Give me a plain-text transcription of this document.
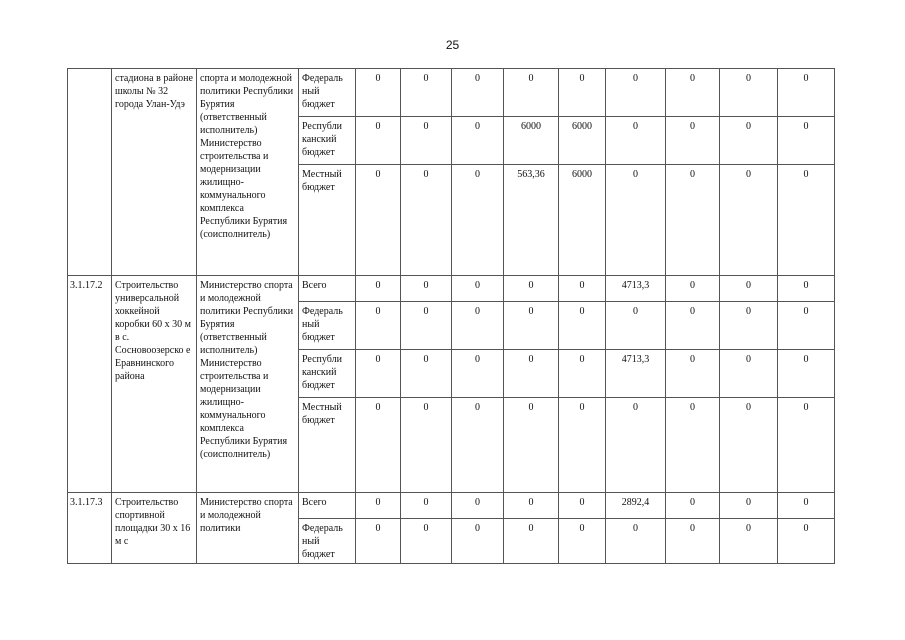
25
	стадиона в районе школы № 32 города Улан-Удэ	спорта и молодежной политики Республики Бурятия (ответственный исполнитель) Министерство строительства и модернизации жилищно-коммунального комплекса Республики Бурятия (соисполнитель)	Федераль ный бюджет	0	0	0	0	0	0	0	0	0
			Республи канский бюджет	0	0	0	6000	6000	0	0	0	0
			Местный бюджет	0	0	0	563,36	6000	0	0	0	0
3.1.17.2	Строительство универсальной хоккейной коробки 60 х 30 м в с. Сосновоозерско е Еравнинского района	Министерство спорта и молодежной политики Республики Бурятия (ответственный исполнитель) Министерство строительства и модернизации жилищно-коммунального комплекса Республики Бурятия (соисполнитель)	Всего	0	0	0	0	0	4713,3	0	0	0
			Федераль ный бюджет	0	0	0	0	0	0	0	0	0
			Республи канский бюджет	0	0	0	0	0	4713,3	0	0	0
			Местный бюджет	0	0	0	0	0	0	0	0	0
3.1.17.3	Строительство спортивной площадки 30 х 16 м с	Министерство спорта и молодежной политики	Всего	0	0	0	0	0	2892,4	0	0	0
			Федераль ный бюджет	0	0	0	0	0	0	0	0	0
